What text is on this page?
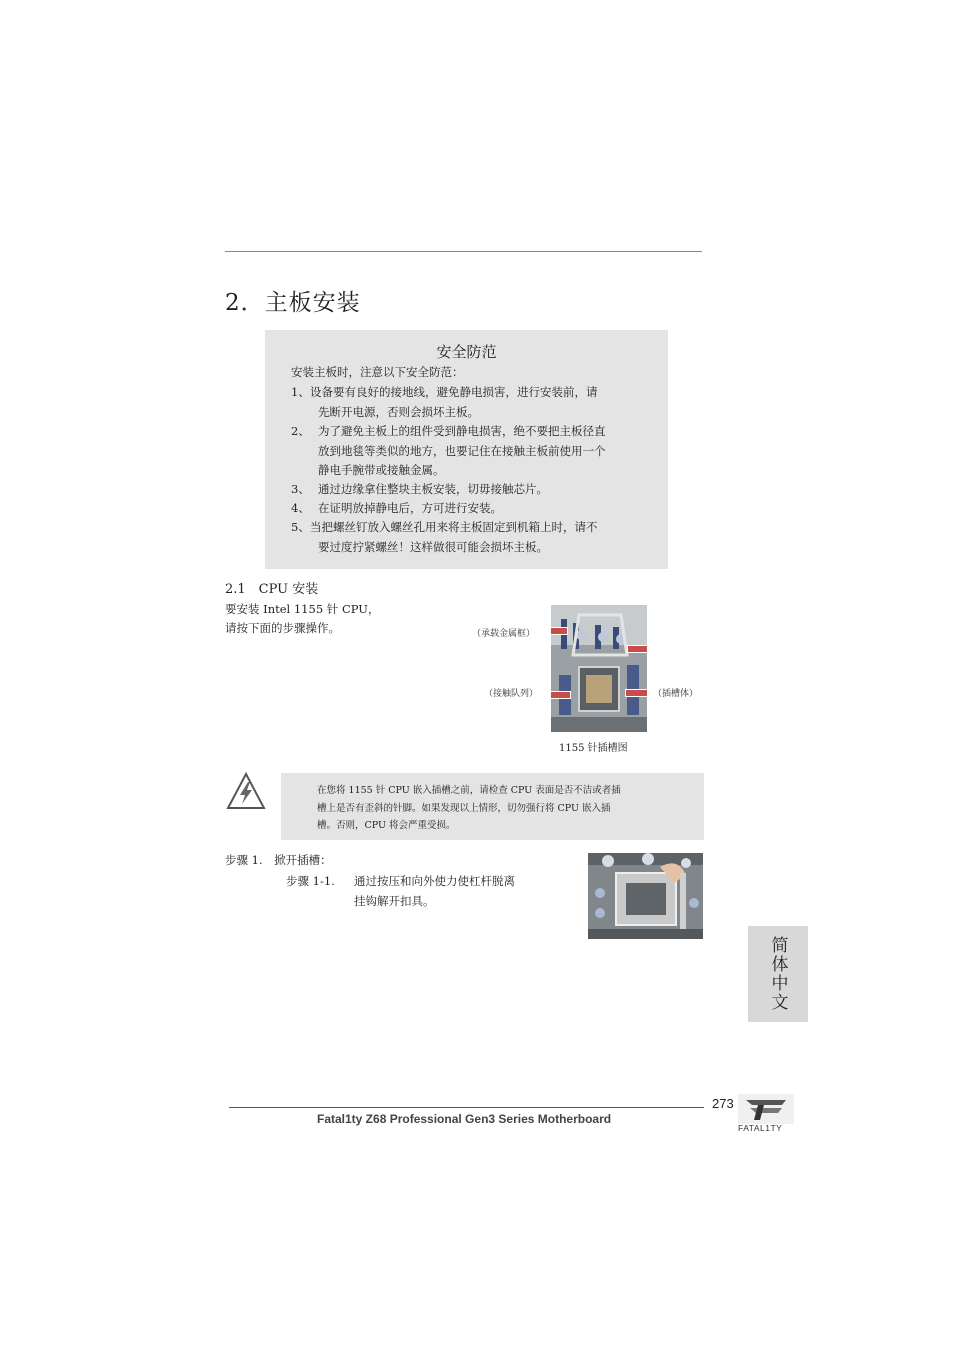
2．主板安装
安全防范
安装主板时，注意以下安全防范：
1、 设备要有良好的接地线，避免静电损害，进行安装前，请
先断开电源，否则会损坏主板。
2、 为了避免主板上的组件受到静电损害，绝不要把主板径直
放到地毯等类似的地方，也要记住在接触主板前使用一个
静电手腕带或接触金属。
3、 通过边缘拿住整块主板安装，切毋接触芯片。
4、 在证明放掉静电后，方可进行安装。
5、 当把螺丝钉放入螺丝孔用来将主板固定到机箱上时，请不
要过度拧紧螺丝！这样做很可能会损坏主板。
2.1　CPU 安装
要安装 Intel 1155 针 CPU，
请按下面的步骤操作。	（承载金属框）
（接触队列）	（插槽体）
1155 针插槽图
在您将 1155 针 CPU 嵌入插槽之前，请检查 CPU 表面是否不洁或者插
槽上是否有歪斜的针脚。如果发现以上情形，切勿强行将 CPU 嵌入插
槽。否则，CPU 将会严重受损。
步骤 1.　掀开插槽：
步骤 1-1. 通过按压和向外使力使杠杆脱离
挂钩解开扣具。
简体中文
273
Fatal1ty Z68 Professional Gen3 Series Motherboard
FATAL1TY
